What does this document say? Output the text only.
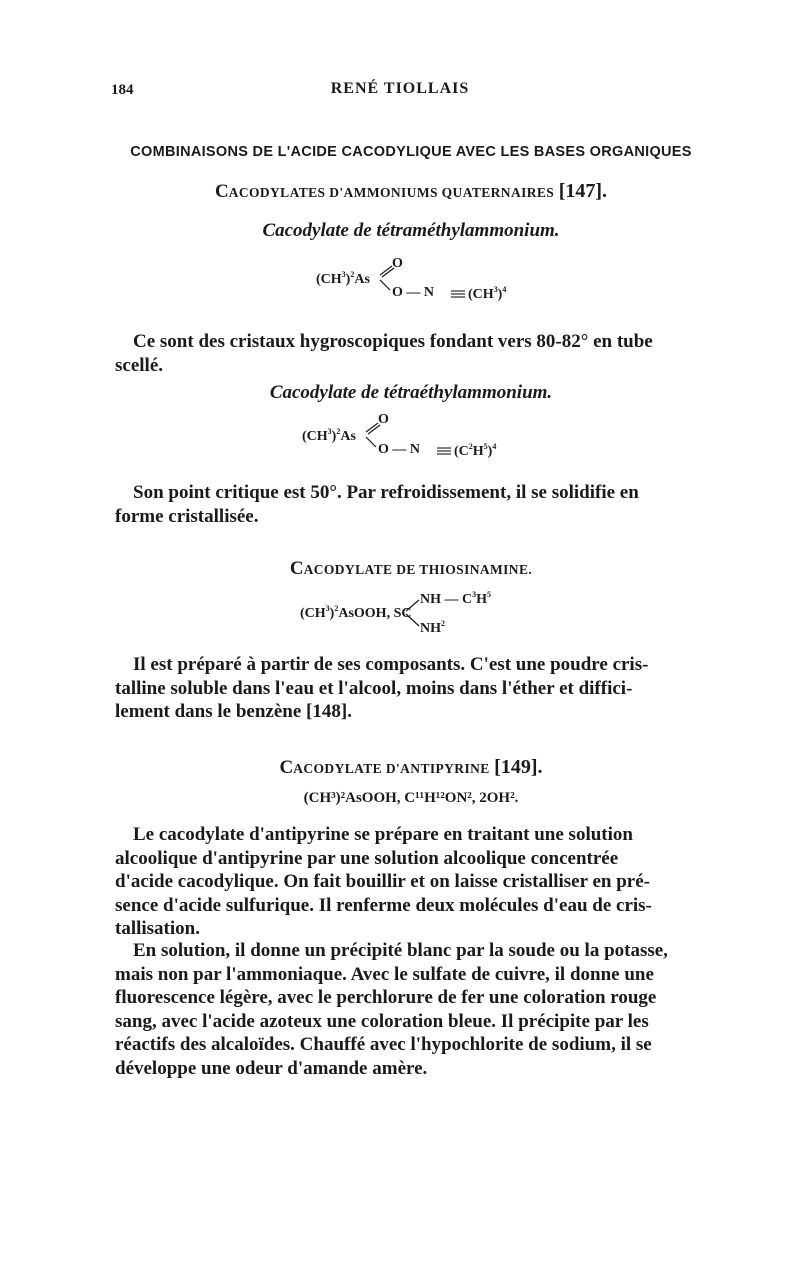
184	RENÉ TIOLLAIS
COMBINAISONS DE L'ACIDE CACODYLIQUE AVEC LES BASES ORGANIQUES
CACODYLATES D'AMMONIUMS QUATERNAIRES [147].
Cacodylate de tétraméthylammonium.
$(CH^3)^2As$
O
O — N $(CH^3)^4$

Ce sont des cristaux hygroscopiques fondant vers 80-82° en tube

scellé.

Cacodylate de tétraéthylammonium.
$(CH^3)^2As$
O
O — N $(C^2H^5)^4$

Son point critique est 50°. Par refroidissement, il se solidifie en

forme cristallisée.

CACODYLATE DE THIOSINAMINE.
$(CH^3)^2AsOOH$, SC
NH — $C^3H^5$
$NH^2$

Il est préparé à partir de ses composants. C'est une poudre cris-

talline soluble dans l'eau et l'alcool, moins dans l'éther et diffici-

lement dans le benzène [148].

CACODYLATE D'ANTIPYRINE [149].
(CH³)²AsOOH, C¹¹H¹²ON², 2OH².

Le cacodylate d'antipyrine se prépare en traitant une solution

alcoolique d'antipyrine par une solution alcoolique concentrée

d'acide cacodylique. On fait bouillir et on laisse cristalliser en pré-

sence d'acide sulfurique. Il renferme deux molécules d'eau de cris-

tallisation.

En solution, il donne un précipité blanc par la soude ou la potasse,

mais non par l'ammoniaque. Avec le sulfate de cuivre, il donne une

fluorescence légère, avec le perchlorure de fer une coloration rouge

sang, avec l'acide azoteux une coloration bleue. Il précipite par les

réactifs des alcaloïdes. Chauffé avec l'hypochlorite de sodium, il se

développe une odeur d'amande amère.
